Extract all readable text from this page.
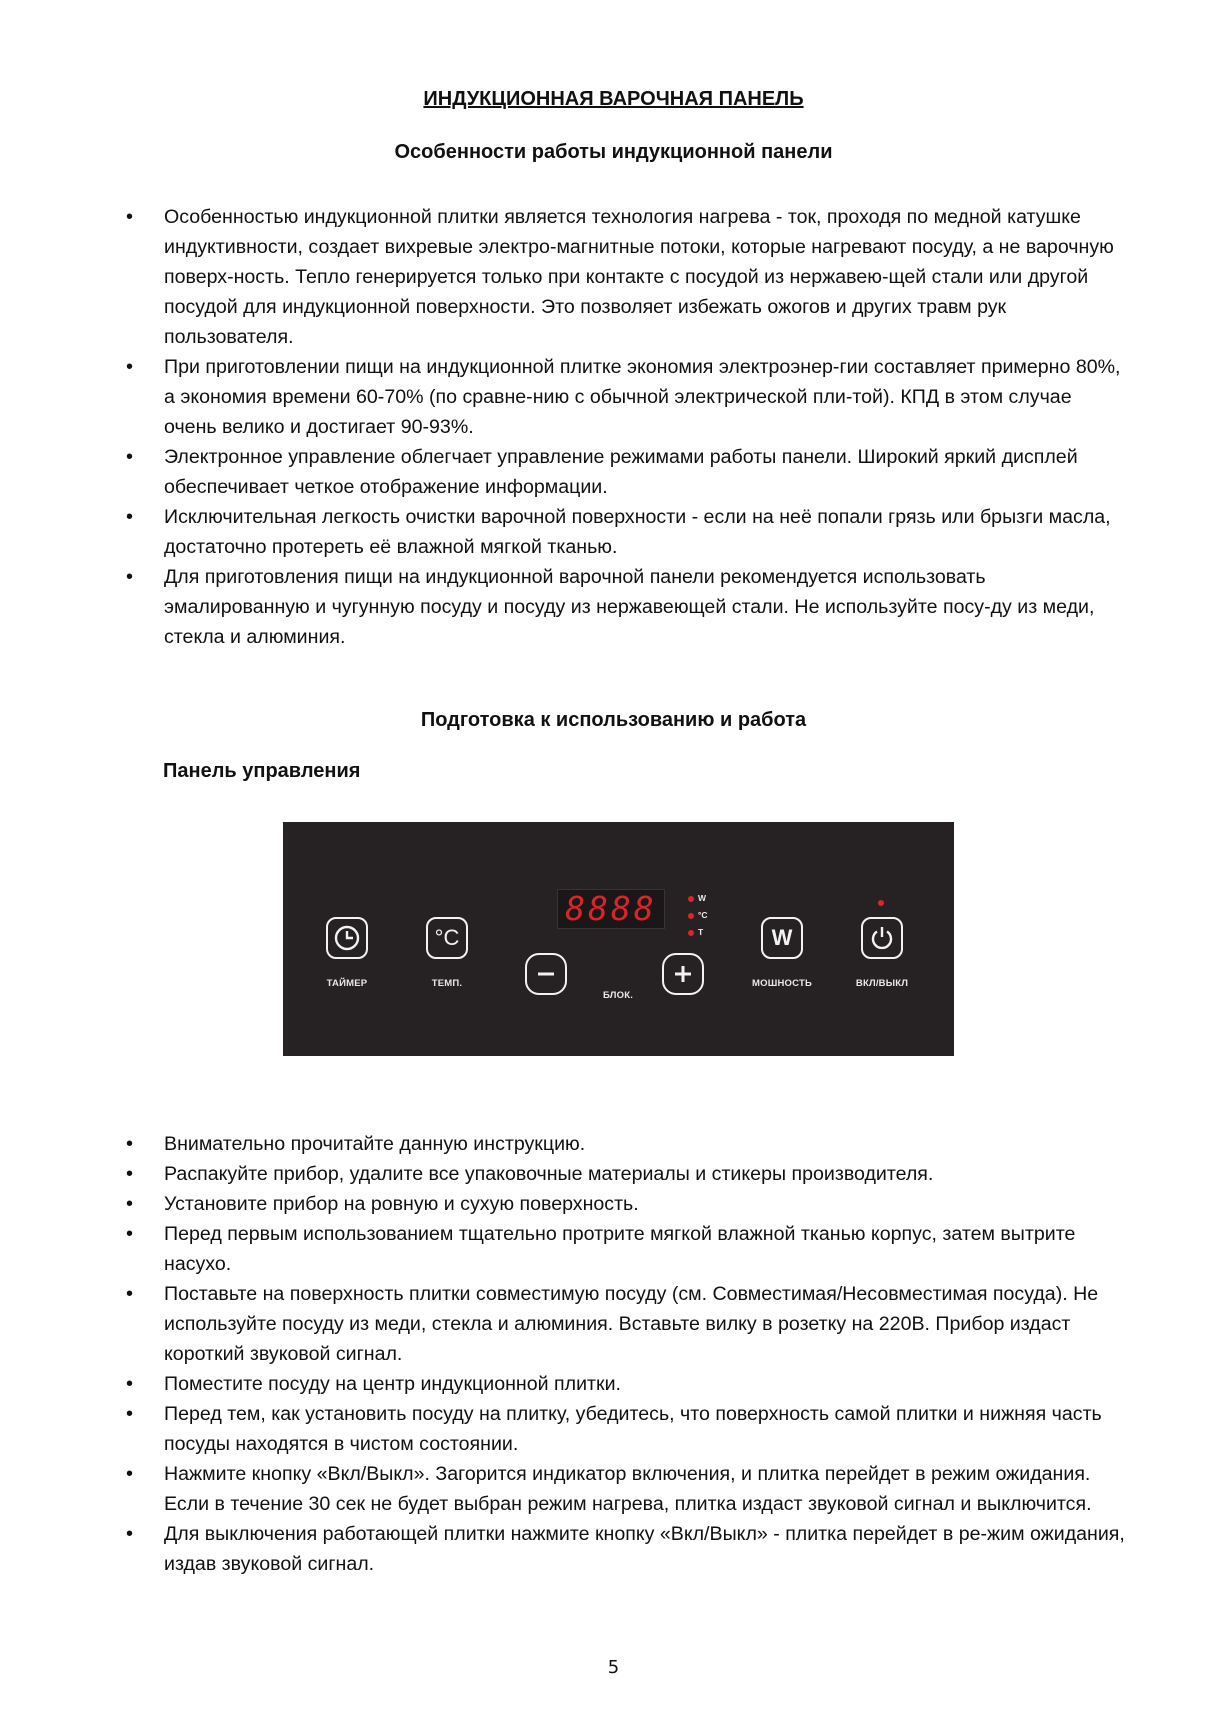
ИНДУКЦИОННАЯ ВАРОЧНАЯ ПАНЕЛЬ
Особенности работы индукционной панели
• Особенностью индукционной плитки является технология нагрева - ток, проходя по медной катушке индуктивности, создает вихревые электро-магнитные потоки, которые нагревают посуду, а не варочную поверх-ность. Тепло генерируется только при контакте с посудой из нержавею-щей стали или другой посудой для индукционной поверхности. Это позволяет избежать ожогов и других травм рук пользователя.
• При приготовлении пищи на индукционной плитке экономия электроэнер-гии составляет примерно 80%, а экономия времени 60-70% (по сравне-нию с обычной электрической пли-той). КПД в этом случае очень велико и достигает 90-93%.
• Электронное управление облегчает управление режимами работы панели. Широкий яркий дисплей обеспечивает четкое отображение информации.
• Исключительная легкость очистки варочной поверхности - если на неё попали грязь или брызги масла, достаточно протереть её влажной мягкой тканью.
• Для приготовления пищи на индукционной варочной панели рекомендуется использовать эмалированную и чугунную посуду и посуду из нержавеющей стали. Не используйте посу-ду из меди, стекла и алюминия.
Подготовка к использованию и работа
Панель управления
ТАЙМЕР
°C
ТЕМП.
8888	W
°C
T
БЛОК.
W
МОШНОСТЬ	ВКЛ/ВЫКЛ
• Внимательно прочитайте данную инструкцию.
• Распакуйте прибор, удалите все упаковочные материалы и стикеры производителя.
• Установите прибор на ровную и сухую поверхность.
• Перед первым использованием тщательно протрите мягкой влажной тканью корпус, затем вытрите насухо.
• Поставьте на поверхность плитки совместимую посуду (см. Совместимая/Несовместимая посуда). Не используйте посуду из меди, стекла и алюминия. Вставьте вилку в розетку на 220В. Прибор издаст короткий звуковой сигнал.
• Поместите посуду на центр индукционной плитки.
• Перед тем, как установить посуду на плитку, убедитесь, что поверхность самой плитки и нижняя часть посуды находятся в чистом состоянии.
• Нажмите кнопку «Вкл/Выкл». Загорится индикатор включения, и плитка перейдет в режим ожидания. Если в течение 30 сек не будет выбран режим нагрева, плитка издаст звуковой сигнал и выключится.
• Для выключения работающей плитки нажмите кнопку «Вкл/Выкл» - плитка перейдет в ре-жим ожидания, издав звуковой сигнал.
5
